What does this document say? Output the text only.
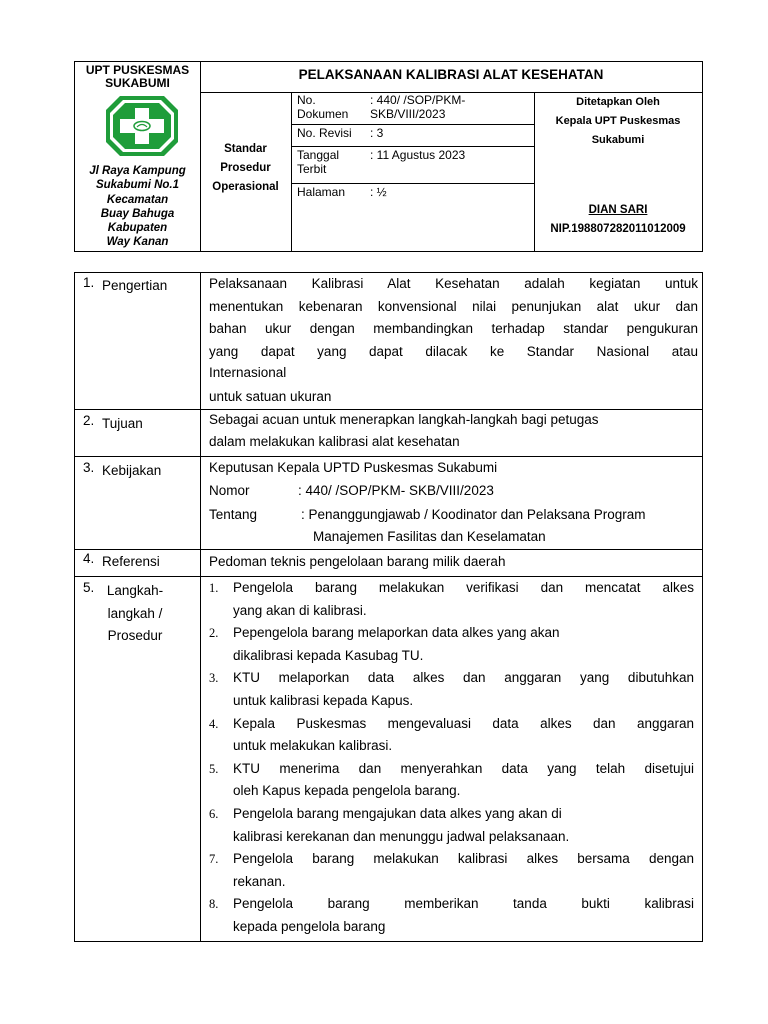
UPT PUSKESMAS
SUKABUMI
Jl Raya Kampung
Sukabumi No.1
Kecamatan
Buay Bahuga
Kabupaten
Way Kanan
PELAKSANAAN KALIBRASI ALAT KESEHATAN
Standar
Prosedur
Operasional
No.
Dokumen
: 440/ /SOP/PKM-
SKB/VIII/2023
No. Revisi	: 3
Tanggal
Terbit
: 11 Agustus 2023
Halaman	: ½
Ditetapkan Oleh
Kepala UPT Puskesmas
Sukabumi
DIAN SARI
NIP.198807282011012009
1. Pengertian	Pelaksanaan Kalibrasi Alat Kesehatan adalah kegiatan untuk
menentukan kebenaran konvensional nilai penunjukan alat ukur dan
bahan ukur dengan membandingkan terhadap standar pengukuran
yang dapat yang dapat dilacak ke Standar Nasional atau
Internasional
untuk satuan ukuran
2. Tujuan	Sebagai acuan untuk menerapkan langkah-langkah bagi petugas
dalam melakukan kalibrasi alat kesehatan
3. Kebijakan	Keputusan Kepala UPTD Puskesmas Sukabumi
Nomor	: 440/ /SOP/PKM- SKB/VIII/2023
Tentang	: Penanggungjawab / Koodinator dan Pelaksana Program
Manajemen Fasilitas dan Keselamatan
4. Referensi	Pedoman teknis pengelolaan barang milik daerah
5. Langkah-
langkah /
Prosedur
1.	Pengelola barang melakukan verifikasi dan mencatat alkes
yang akan di kalibrasi.
2.	Pepengelola barang melaporkan data alkes yang akan
dikalibrasi kepada Kasubag TU.
3.	KTU melaporkan data alkes dan anggaran yang dibutuhkan
untuk kalibrasi kepada Kapus.
4.	Kepala Puskesmas mengevaluasi data alkes dan anggaran
untuk melakukan kalibrasi.
5.	KTU menerima dan menyerahkan data yang telah disetujui
oleh Kapus kepada pengelola barang.
6.	Pengelola barang mengajukan data alkes yang akan di
kalibrasi kerekanan dan menunggu jadwal pelaksanaan.
7.	Pengelola barang melakukan kalibrasi alkes bersama dengan
rekanan.
8.	Pengelola barang memberikan tanda bukti kalibrasi
kepada pengelola barang
